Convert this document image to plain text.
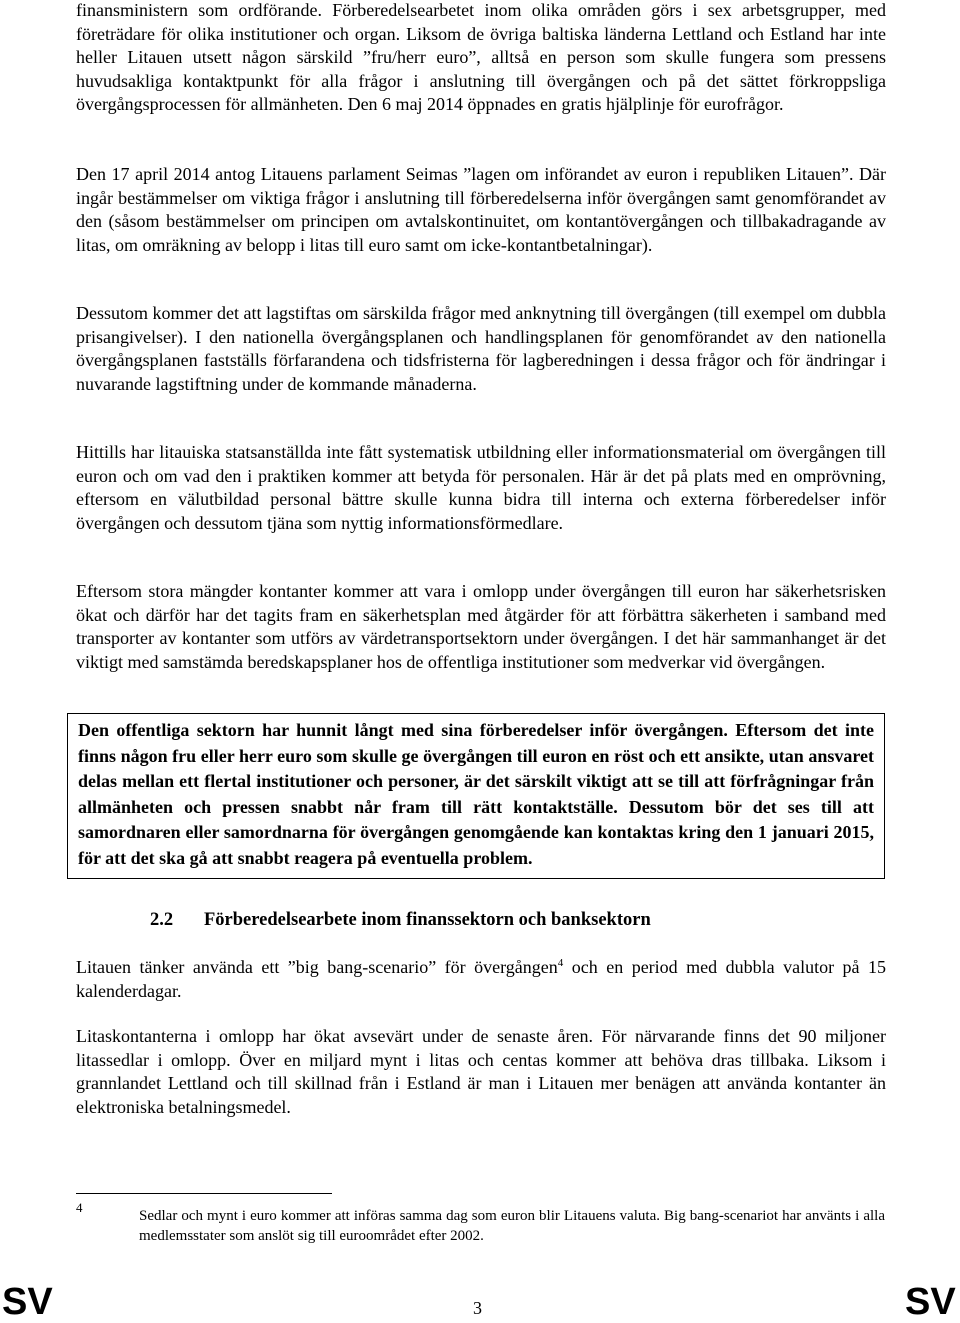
finansministern som ordförande. Förberedelsearbetet inom olika områden görs i sex arbetsgrupper, med företrädare för olika institutioner och organ. Liksom de övriga baltiska länderna Lettland och Estland har inte heller Litauen utsett någon särskild ”fru/herr euro”, alltså en person som skulle fungera som pressens huvudsakliga kontaktpunkt för alla frågor i anslutning till övergången och på det sättet förkroppsliga övergångsprocessen för allmänheten. Den 6 maj 2014 öppnades en gratis hjälplinje för eurofrågor.

Den 17 april 2014 antog Litauens parlament Seimas ”lagen om införandet av euron i republiken Litauen”. Där ingår bestämmelser om viktiga frågor i anslutning till förberedelserna inför övergången samt genomförandet av den (såsom bestämmelser om principen om avtalskontinuitet, om kontantövergången och tillbakadragande av litas, om omräkning av belopp i litas till euro samt om icke-kontantbetalningar).

Dessutom kommer det att lagstiftas om särskilda frågor med anknytning till övergången (till exempel om dubbla prisangivelser). I den nationella övergångsplanen och handlingsplanen för genomförandet av den nationella övergångsplanen fastställs förfarandena och tidsfristerna för lagberedningen i dessa frågor och för ändringar i nuvarande lagstiftning under de kommande månaderna.

Hittills har litauiska statsanställda inte fått systematisk utbildning eller informationsmaterial om övergången till euron och om vad den i praktiken kommer att betyda för personalen. Här är det på plats med en omprövning, eftersom en välutbildad personal bättre skulle kunna bidra till interna och externa förberedelser inför övergången och dessutom tjäna som nyttig informationsförmedlare.

Eftersom stora mängder kontanter kommer att vara i omlopp under övergången till euron har säkerhetsrisken ökat och därför har det tagits fram en säkerhetsplan med åtgärder för att förbättra säkerheten i samband med transporter av kontanter som utförs av värdetransportsektorn under övergången. I det här sammanhanget är det viktigt med samstämda beredskapsplaner hos de offentliga institutioner som medverkar vid övergången.

Den offentliga sektorn har hunnit långt med sina förberedelser inför övergången. Eftersom det inte finns någon fru eller herr euro som skulle ge övergången till euron en röst och ett ansikte, utan ansvaret delas mellan ett flertal institutioner och personer, är det särskilt viktigt att se till att förfrågningar från allmänheten och pressen snabbt når fram till rätt kontaktställe. Dessutom bör det ses till att samordnaren eller samordnarna för övergången genomgående kan kontaktas kring den 1 januari 2015, för att det ska gå att snabbt reagera på eventuella problem.
2.2 Förberedelsearbete inom finanssektorn och banksektorn

Litauen tänker använda ett ”big bang-scenario” för övergången$^4$ och en period med dubbla valutor på 15 kalenderdagar.

Litaskontanterna i omlopp har ökat avsevärt under de senaste åren. För närvarande finns det 90 miljoner litassedlar i omlopp. Över en miljard mynt i litas och centas kommer att behöva dras tillbaka. Liksom i grannlandet Lettland och till skillnad från i Estland är man i Litauen mer benägen att använda kontanter än elektroniska betalningsmedel.

4
Sedlar och mynt i euro kommer att införas samma dag som euron blir Litauens valuta. Big bang-scenariot har använts i alla medlemsstater som anslöt sig till euroområdet efter 2002.
SV	3	SV
